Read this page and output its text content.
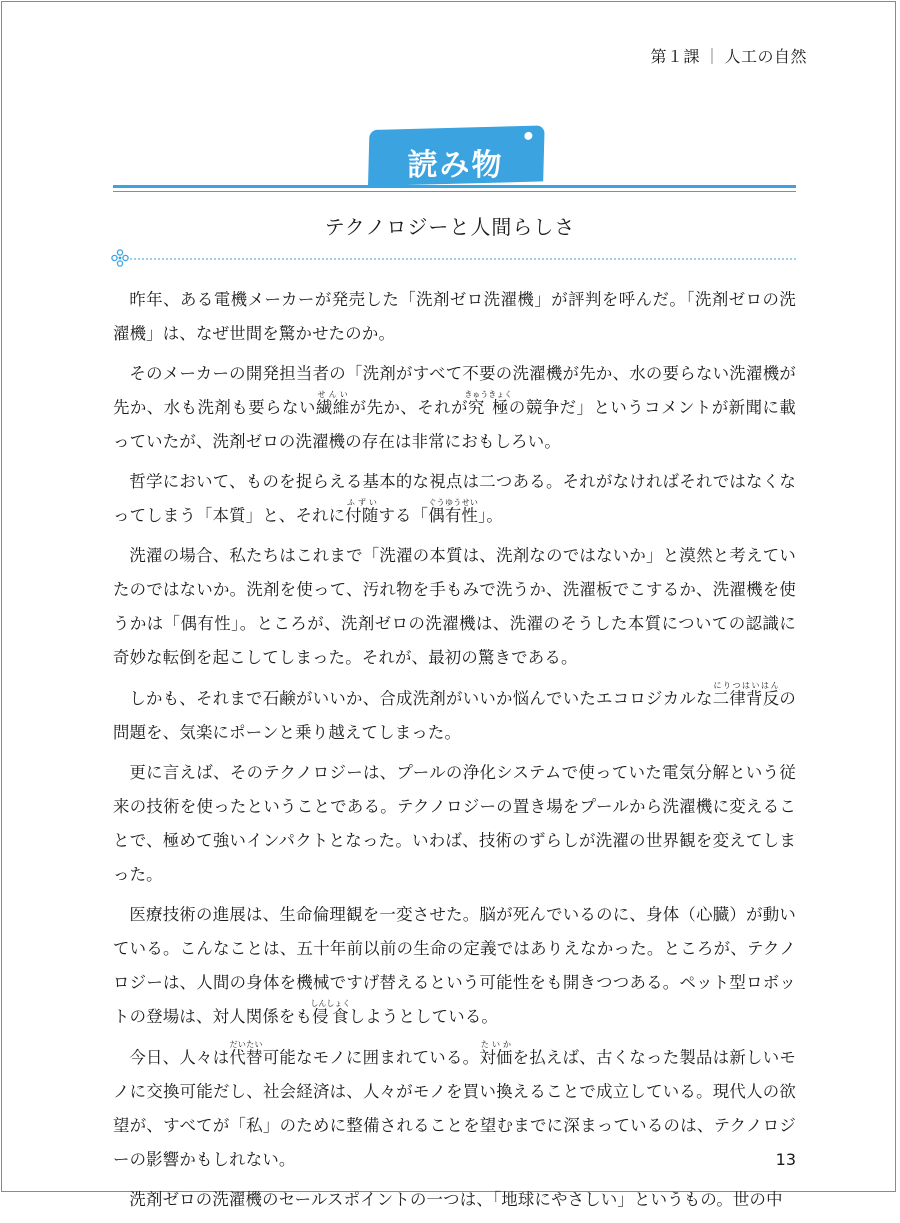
第１課 ｜ 人工の自然
読み物
テクノロジーと人間らしさ

昨年、ある電機メーカーが発売した「洗剤ゼロ洗濯機」が評判を呼んだ。「洗剤ゼロの洗濯機」は、なぜ世間を驚かせたのか。

そのメーカーの開発担当者の「洗剤がすべて不要の洗濯機が先か、水の要らない洗濯機が先か、水も洗剤も要らない繊維せんいが先か、それが究極きゅうきょくの競争だ」というコメントが新聞に載っていたが、洗剤ゼロの洗濯機の存在は非常におもしろい。

哲学において、ものを捉らえる基本的な視点は二つある。それがなければそれではなくなってしまう「本質」と、それに付随ふずいする「偶有性ぐうゆうせい」。

洗濯の場合、私たちはこれまで「洗濯の本質は、洗剤なのではないか」と漠然と考えていたのではないか。洗剤を使って、汚れ物を手もみで洗うか、洗濯板でこするか、洗濯機を使うかは「偶有性」。ところが、洗剤ゼロの洗濯機は、洗濯のそうした本質についての認識に奇妙な転倒を起こしてしまった。それが、最初の驚きである。

しかも、それまで石鹸がいいか、合成洗剤がいいか悩んでいたエコロジカルな二律背反にりつはいはんの問題を、気楽にポーンと乗り越えてしまった。

更に言えば、そのテクノロジーは、プールの浄化システムで使っていた電気分解という従来の技術を使ったということである。テクノロジーの置き場をプールから洗濯機に変えることで、極めて強いインパクトとなった。いわば、技術のずらしが洗濯の世界観を変えてしまった。

医療技術の進展は、生命倫理観を一変させた。脳が死んでいるのに、身体（心臓）が動いている。こんなことは、五十年前以前の生命の定義ではありえなかった。ところが、テクノロジーは、人間の身体を機械ですげ替えるという可能性をも開きつつある。ペット型ロボットの登場は、対人関係をも侵食しんしょくしようとしている。

今日、人々は代替だいたい可能なモノに囲まれている。対価たいかを払えば、古くなった製品は新しいモノに交換可能だし、社会経済は、人々がモノを買い換えることで成立している。現代人の欲望が、すべてが「私」のために整備されることを望むまでに深まっているのは、テクノロジーの影響かもしれない。

洗剤ゼロの洗濯機のセールスポイントの一つは、「地球にやさしい」というもの。世の中

13
